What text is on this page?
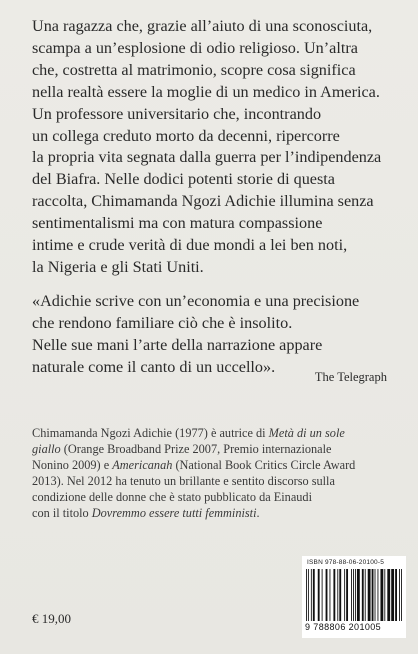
Una ragazza che, grazie all’aiuto di una sconosciuta,
scampa a un’esplosione di odio religioso. Un’altra
che, costretta al matrimonio, scopre cosa significa
nella realtà essere la moglie di un medico in America.
Un professore universitario che, incontrando
un collega creduto morto da decenni, ripercorre
la propria vita segnata dalla guerra per l’indipendenza
del Biafra. Nelle dodici potenti storie di questa
raccolta, Chimamanda Ngozi Adichie illumina senza
sentimentalismi ma con matura compassione
intime e crude verità di due mondi a lei ben noti,
la Nigeria e gli Stati Uniti.
«Adichie scrive con un’economia e una precisione
che rendono familiare ciò che è insolito.
Nelle sue mani l’arte della narrazione appare
naturale come il canto di un uccello».
The Telegraph
Chimamanda Ngozi Adichie (1977) è autrice di Metà di un sole
giallo (Orange Broadband Prize 2007, Premio internazionale
Nonino 2009) e Americanah (National Book Critics Circle Award
2013). Nel 2012 ha tenuto un brillante e sentito discorso sulla
condizione delle donne che è stato pubblicato da Einaudi
con il titolo Dovremmo essere tutti femministi.
€ 19,00
ISBN 978-88-06-20100-5
9 788806 201005
